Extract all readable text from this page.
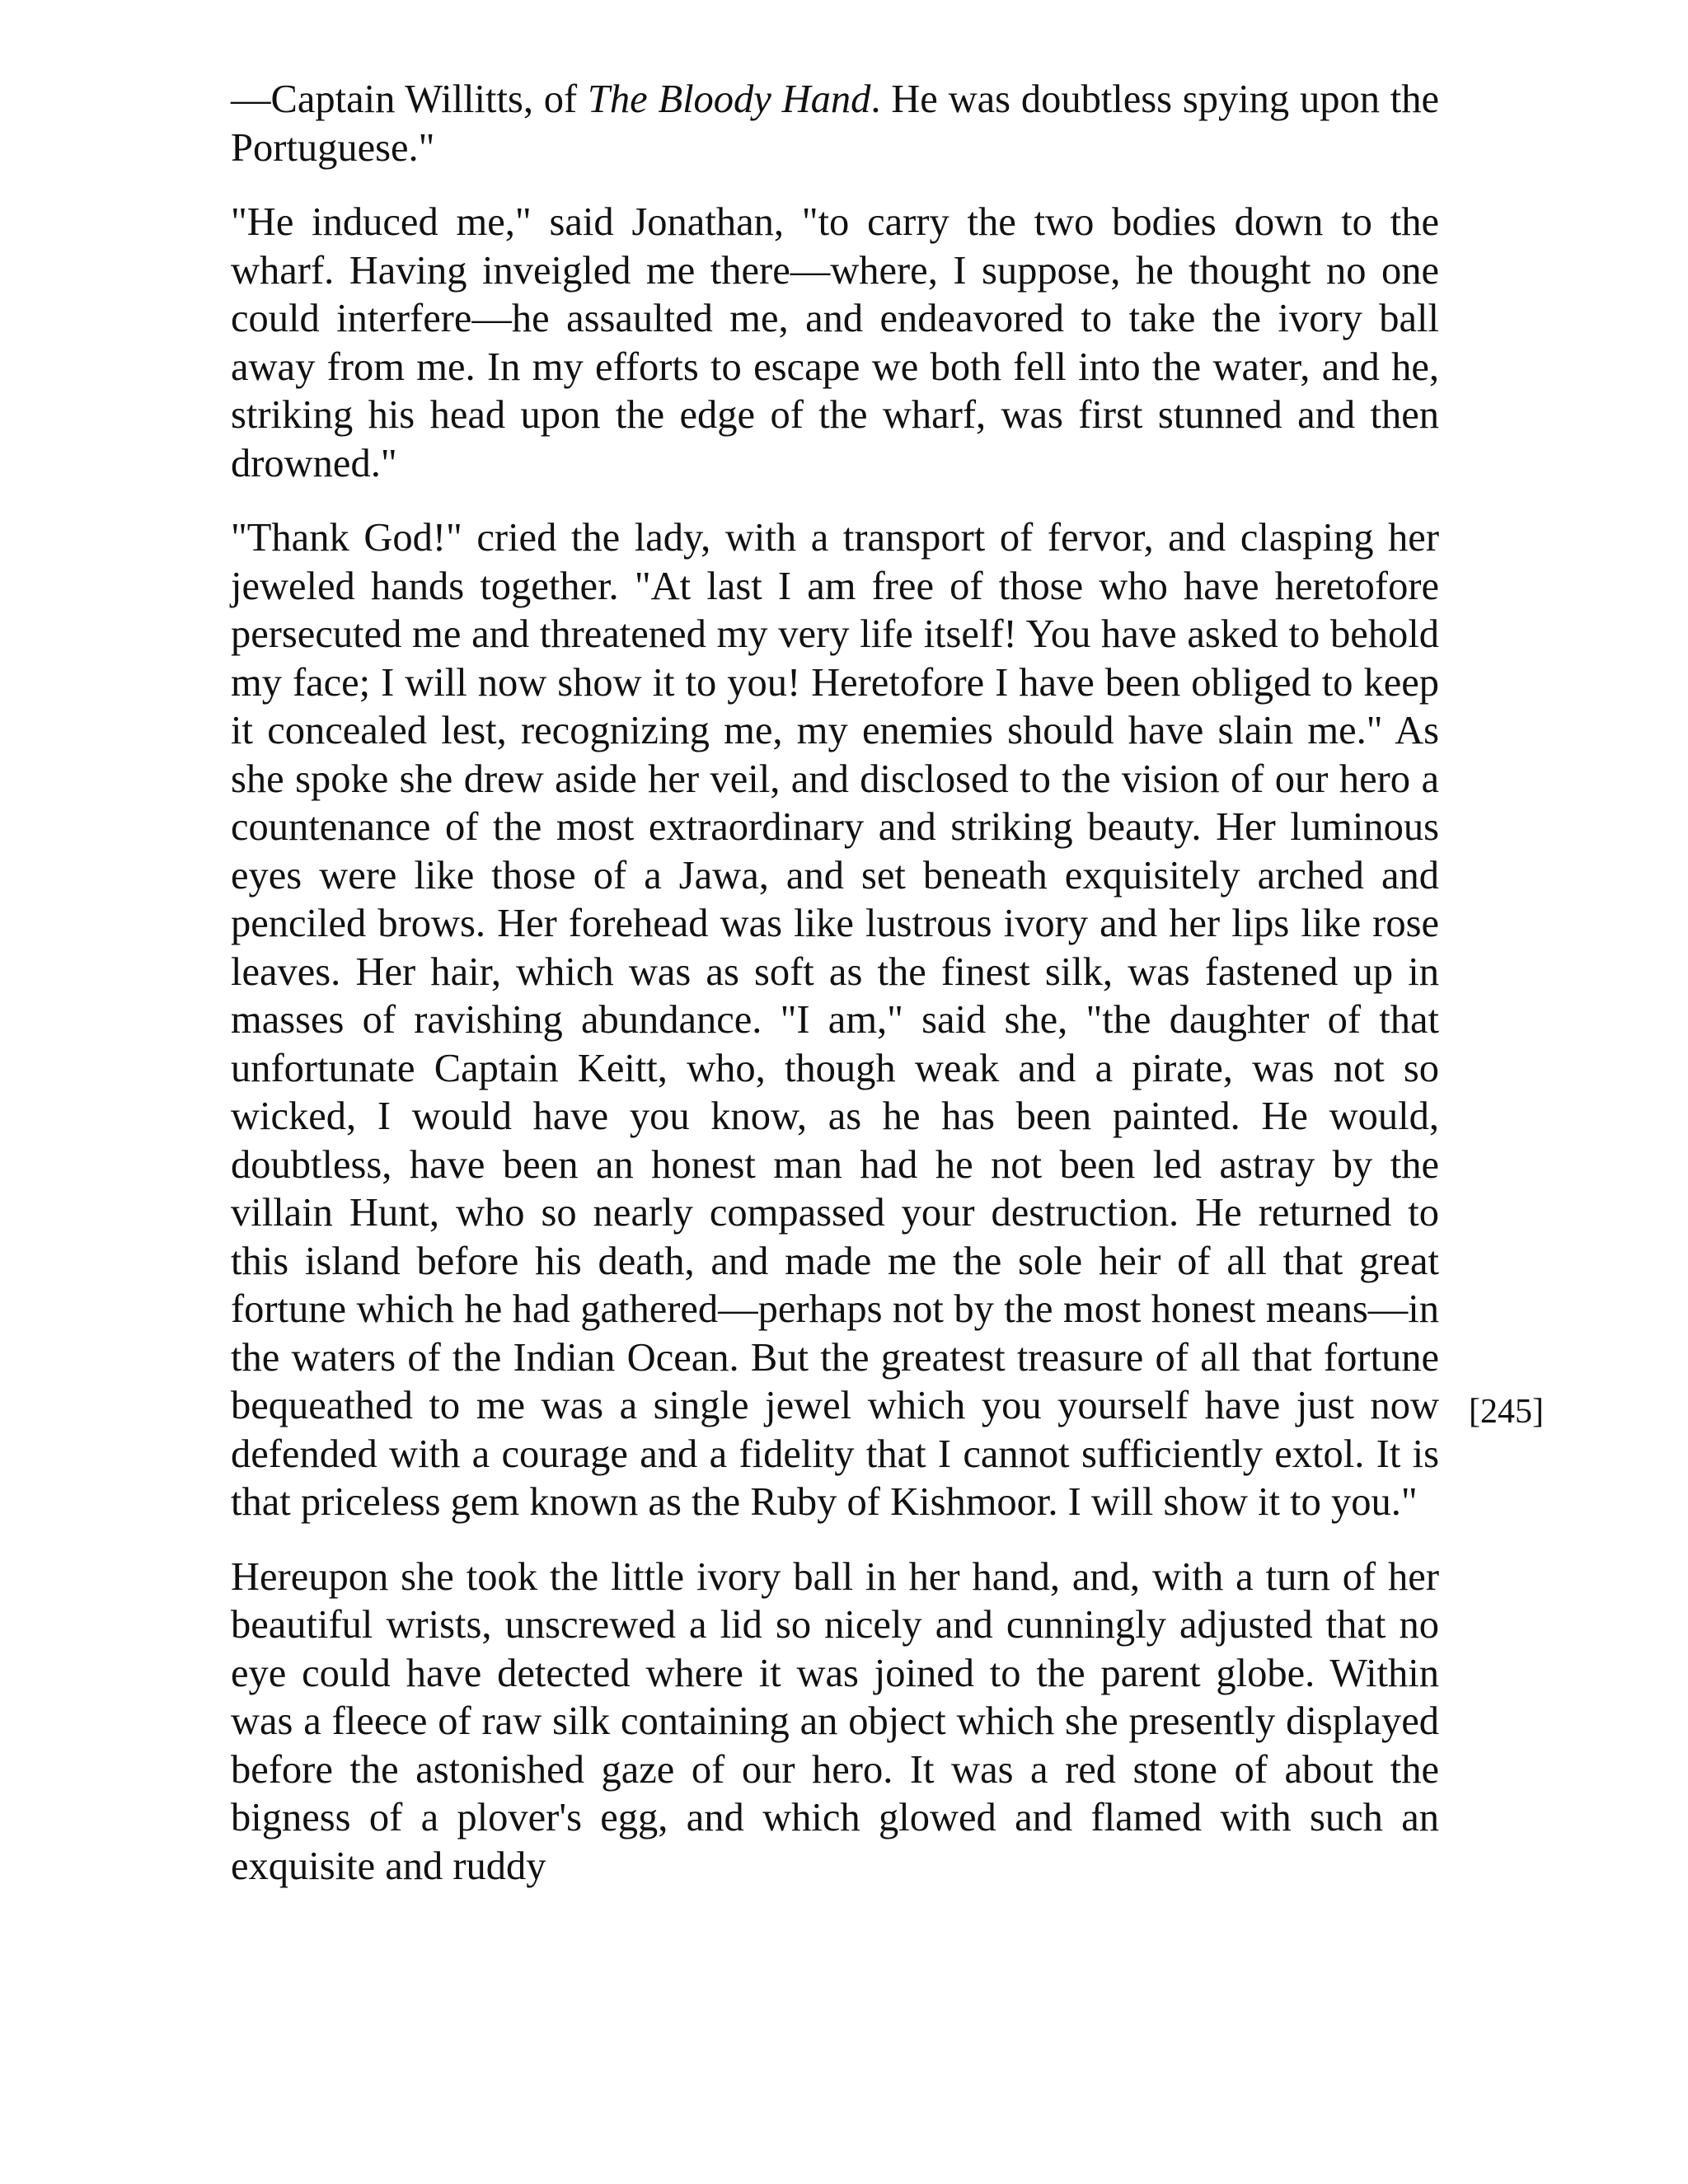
—Captain Willitts, of The Bloody Hand. He was doubtless spying upon the Portuguese."

"He induced me," said Jonathan, "to carry the two bodies down to the wharf. Having inveigled me there—where, I suppose, he thought no one could interfere—he assaulted me, and endeavored to take the ivory ball away from me. In my efforts to escape we both fell into the water, and he, striking his head upon the edge of the wharf, was first stunned and then drowned."

"Thank God!" cried the lady, with a transport of fervor, and clasping her jeweled hands together. "At last I am free of those who have heretofore persecuted me and threatened my very life itself! You have asked to behold my face; I will now show it to you! Heretofore I have been obliged to keep it concealed lest, recognizing me, my enemies should have slain me." As she spoke she drew aside her veil, and disclosed to the vision of our hero a countenance of the most extraordinary and striking beauty. Her luminous eyes were like those of a Jawa, and set beneath exquisitely arched and penciled brows. Her forehead was like lustrous ivory and her lips like rose leaves. Her hair, which was as soft as the finest silk, was fastened up in masses of ravishing abundance. "I am," said she, "the daughter of that unfortunate Captain Keitt, who, though weak and a pirate, was not so wicked, I would have you know, as he has been painted. He would, doubtless, have been an honest man had he not been led astray by the villain Hunt, who so nearly compassed your destruction. He returned to this island before his death, and made me the sole heir of all that great fortune which he had gathered—perhaps not by the most honest means—in the waters of the Indian Ocean. But the greatest treasure of all that fortune bequeathed to me was a single jewel which you yourself have just now defended with a courage and a fidelity that I cannot sufficiently extol. It is that priceless gem known as the Ruby of Kishmoor. I will show it to you."

Hereupon she took the little ivory ball in her hand, and, with a turn of her beautiful wrists, unscrewed a lid so nicely and cunningly adjusted that no eye could have detected where it was joined to the parent globe. Within was a fleece of raw silk containing an object which she presently displayed before the astonished gaze of our hero. It was a red stone of about the bigness of a plover's egg, and which glowed and flamed with such an exquisite and ruddy

[245]
